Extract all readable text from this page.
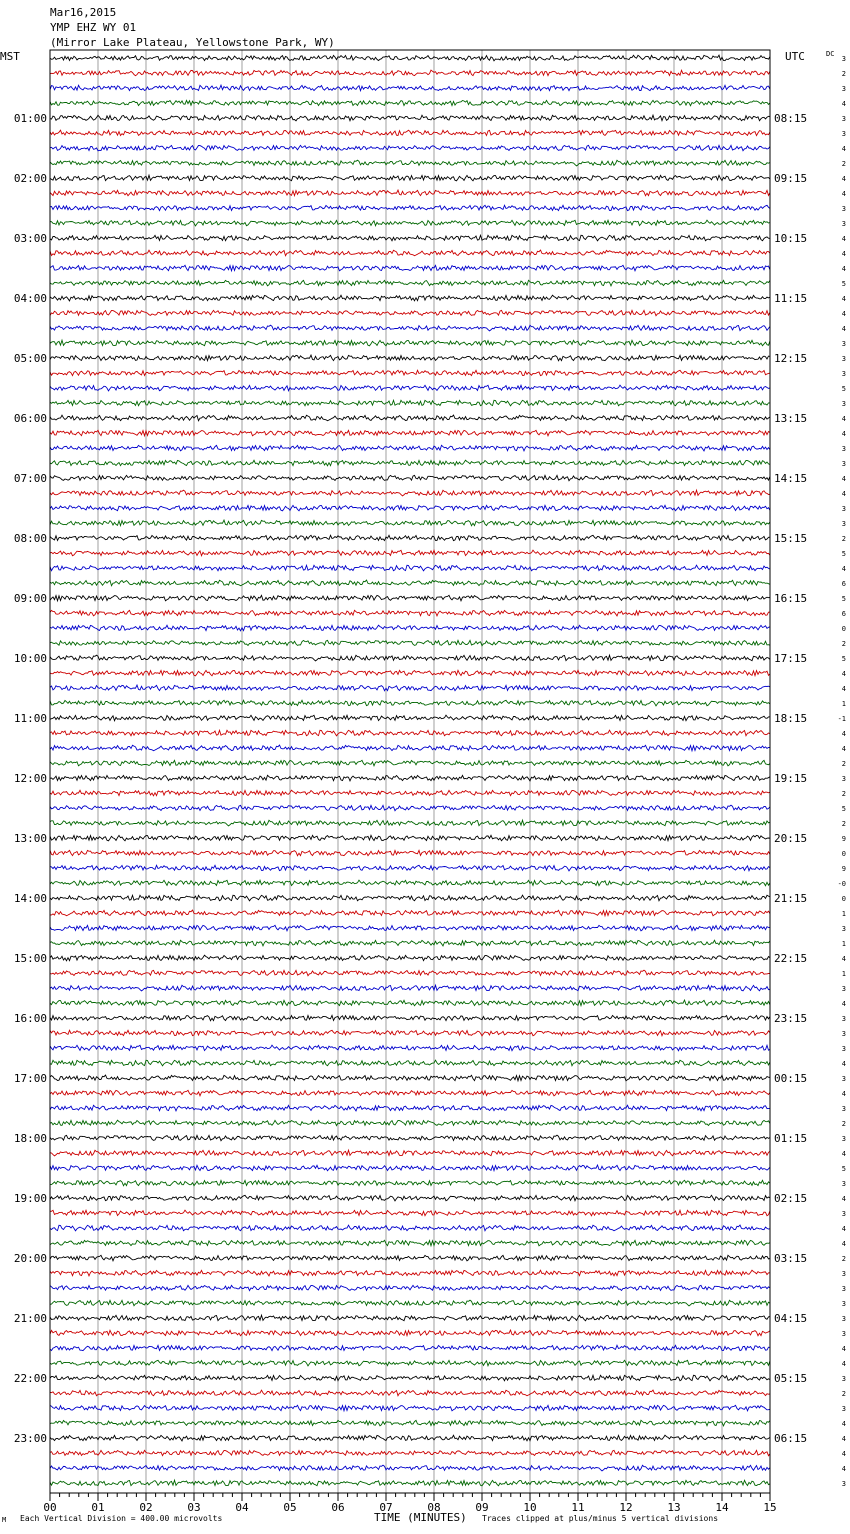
Mar16,2015
YMP EHZ WY 01
(Mirror Lake Plateau, Yellowstone Park, WY)
MST	UTC	DC
3
2
3
4
3
3
4
2
4
4
3
3
4
4
4
5
4
4
4
3
3
3
5
3
4
4
3
3
4
4
3
3
2
5
4
6
5
6
0
2
5
4
4
1
-1
4
4
2
3
2
5
2
9
0
9
-0
0
1
3
1
4
1
3
4
3
3
3
4
3
4
3
2
3
4
5
3
4
3
4
4
2
3
3
3
3
3
4
4
3
2
3
4
4
4
4
3
01:00	08:15
02:00	09:15
03:00	10:15
04:00	11:15
05:00	12:15
06:00	13:15
07:00	14:15
08:00	15:15
09:00	16:15
10:00	17:15
11:00	18:15
12:00	19:15
13:00	20:15
14:00	21:15
15:00	22:15
16:00	23:15
17:00	00:15
18:00	01:15
19:00	02:15
20:00	03:15
21:00	04:15
22:00	05:15
23:00	06:15
00	01	02	03	04	05	06	07	08	09	10	11	12	13	14	15
M Each Vertical Division = 400.00 microvolts	TIME (MINUTES) Traces clipped at plus/minus 5 vertical divisions
